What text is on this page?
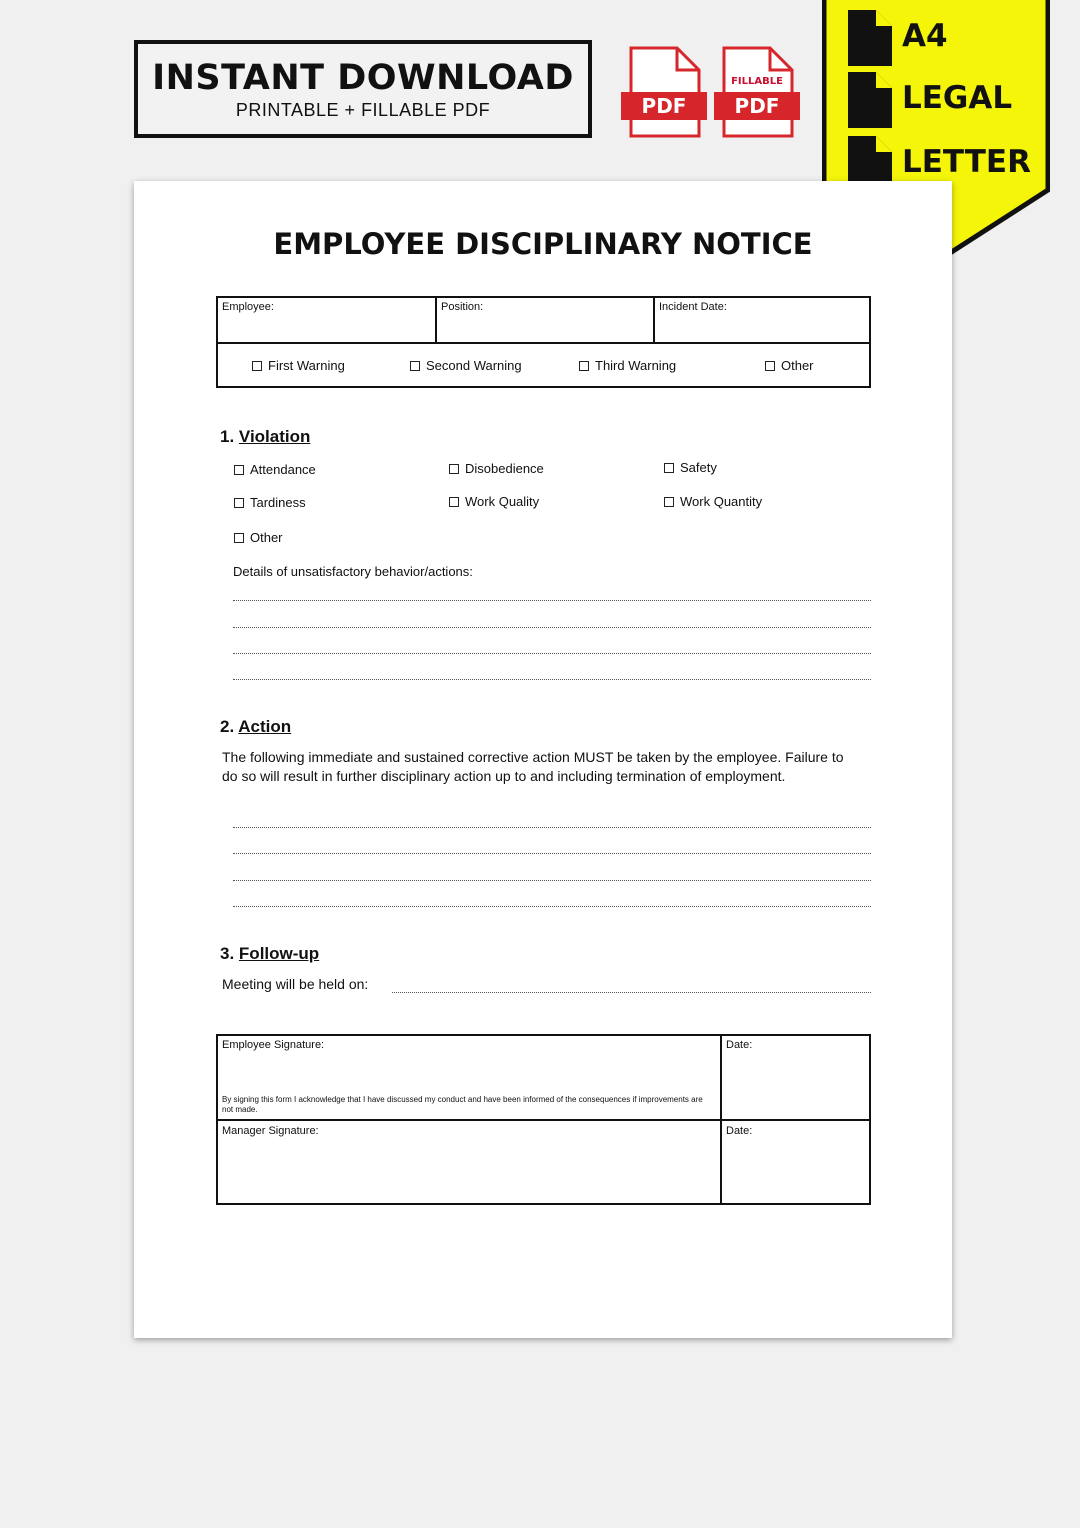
INSTANT DOWNLOAD
PRINTABLE + FILLABLE PDF	PDF
FILLABLE
PDF
A4
LEGAL
LETTER
EMPLOYEE DISCIPLINARY NOTICE
Employee:	Position:	Incident Date:
First Warning	Second Warning	Third Warning	Other
1. Violation
Attendance	Disobedience	Safety
Tardiness	Work Quality	Work Quantity
Other
Details of unsatisfactory behavior/actions:
2. Action
The following immediate and sustained corrective action MUST be taken by the employee. Failure to do so will result in further disciplinary action up to and including termination of employment.
3. Follow-up
Meeting will be held on:
Employee Signature:	Date:
By signing this form I acknowledge that I have discussed my conduct and have been informed of the consequences if improvements are not made.
Manager Signature:	Date:
